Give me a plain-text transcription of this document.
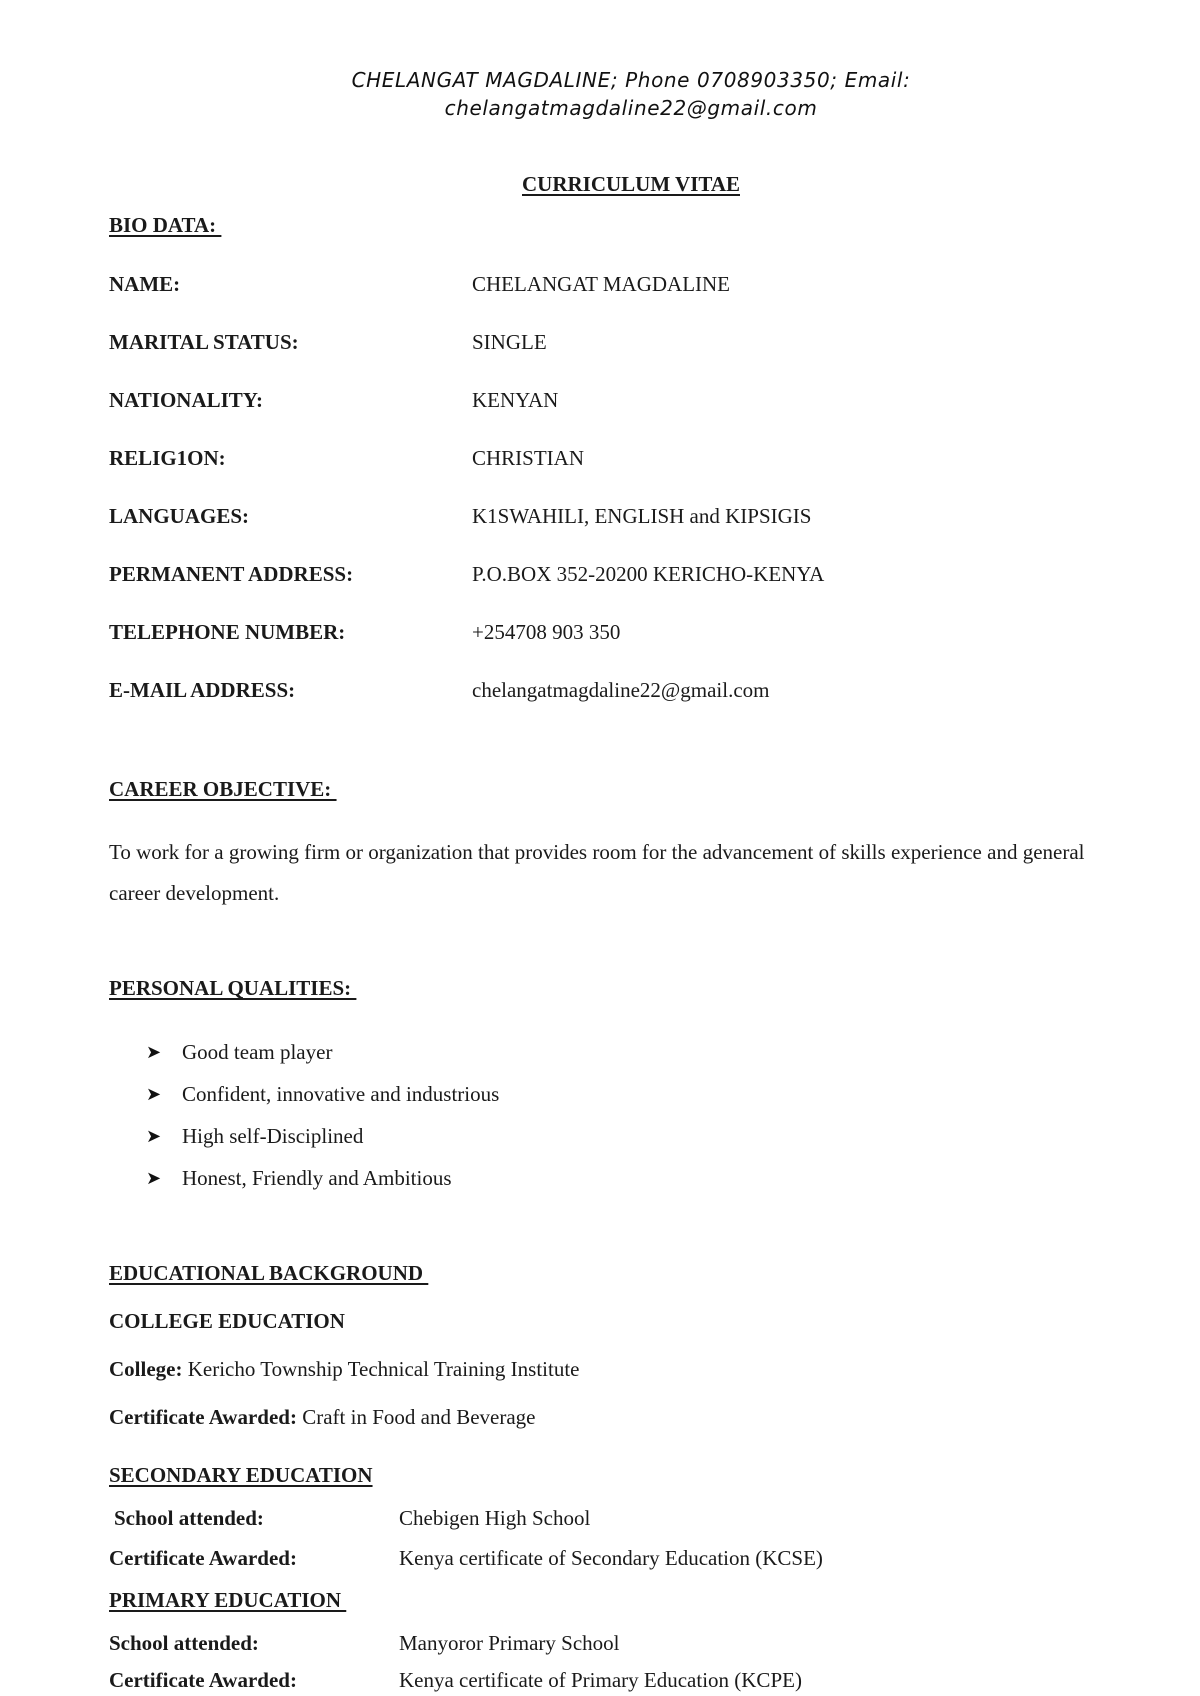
CHELANGAT MAGDALINE; Phone 0708903350; Email:
chelangatmagdaline22@gmail.com
CURRICULUM VITAE
BIO DATA:
NAME:	CHELANGAT MAGDALINE
MARITAL STATUS:	SINGLE
NATIONALITY:	KENYAN
RELIG1ON:	CHRISTIAN
LANGUAGES:	K1SWAHILI, ENGLISH and KIPSIGIS
PERMANENT ADDRESS:	P.O.BOX 352-20200 KERICHO-KENYA
TELEPHONE NUMBER:	+254708 903 350
E-MAIL ADDRESS:	chelangatmagdaline22@gmail.com
CAREER OBJECTIVE:
To work for a growing firm or organization that provides room for the advancement of skills experience and general career development.
PERSONAL QUALITIES:
➤ Good team player
➤ Confident, innovative and industrious
➤ High self-Disciplined
➤ Honest, Friendly and Ambitious
EDUCATIONAL BACKGROUND
COLLEGE EDUCATION
College: Kericho Township Technical Training Institute
Certificate Awarded: Craft in Food and Beverage
SECONDARY EDUCATION
School attended:	Chebigen High School
Certificate Awarded:	Kenya certificate of Secondary Education (KCSE)
PRIMARY EDUCATION
School attended:	Manyoror Primary School
Certificate Awarded:	Kenya certificate of Primary Education (KCPE)
